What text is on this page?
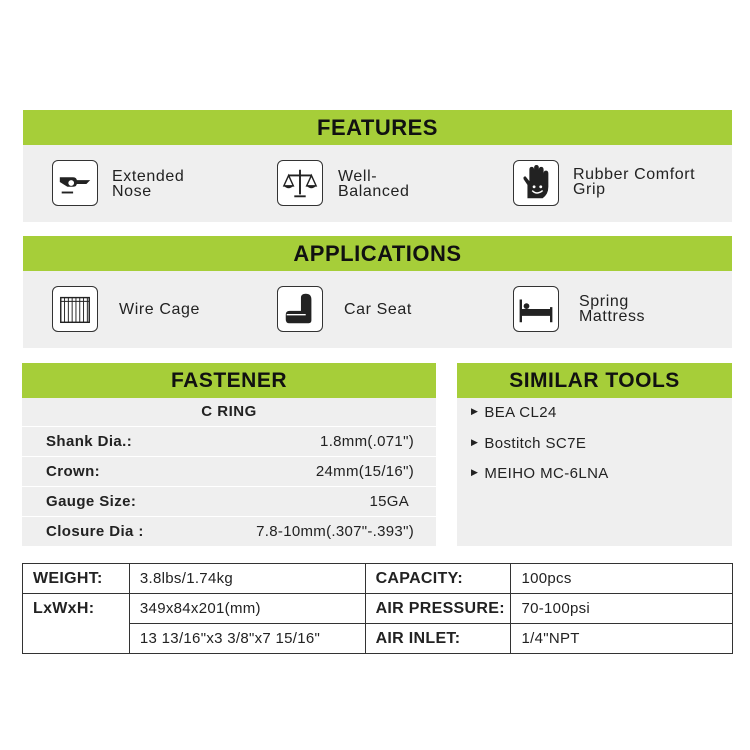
FEATURES
Extended
Nose
Well-
Balanced
Rubber Comfort
Grip
APPLICATIONS
Wire Cage	Car Seat	Spring
Mattress
FASTENER
C RING
Shank Dia.:	1.8mm(.071")
Crown:	24mm(15/16")
Gauge Size:	15GA
Closure Dia :	7.8-10mm(.307"-.393")
SIMILAR TOOLS
▶ BEA CL24
▶ Bostitch SC7E
▶ MEIHO MC-6LNA
WEIGHT:	3.8lbs/1.74kg	CAPACITY:	100pcs
LxWxH:	349x84x201(mm)	AIR PRESSURE:	70-100psi
	13 13/16"x3 3/8"x7 15/16"	AIR INLET:	1/4"NPT
